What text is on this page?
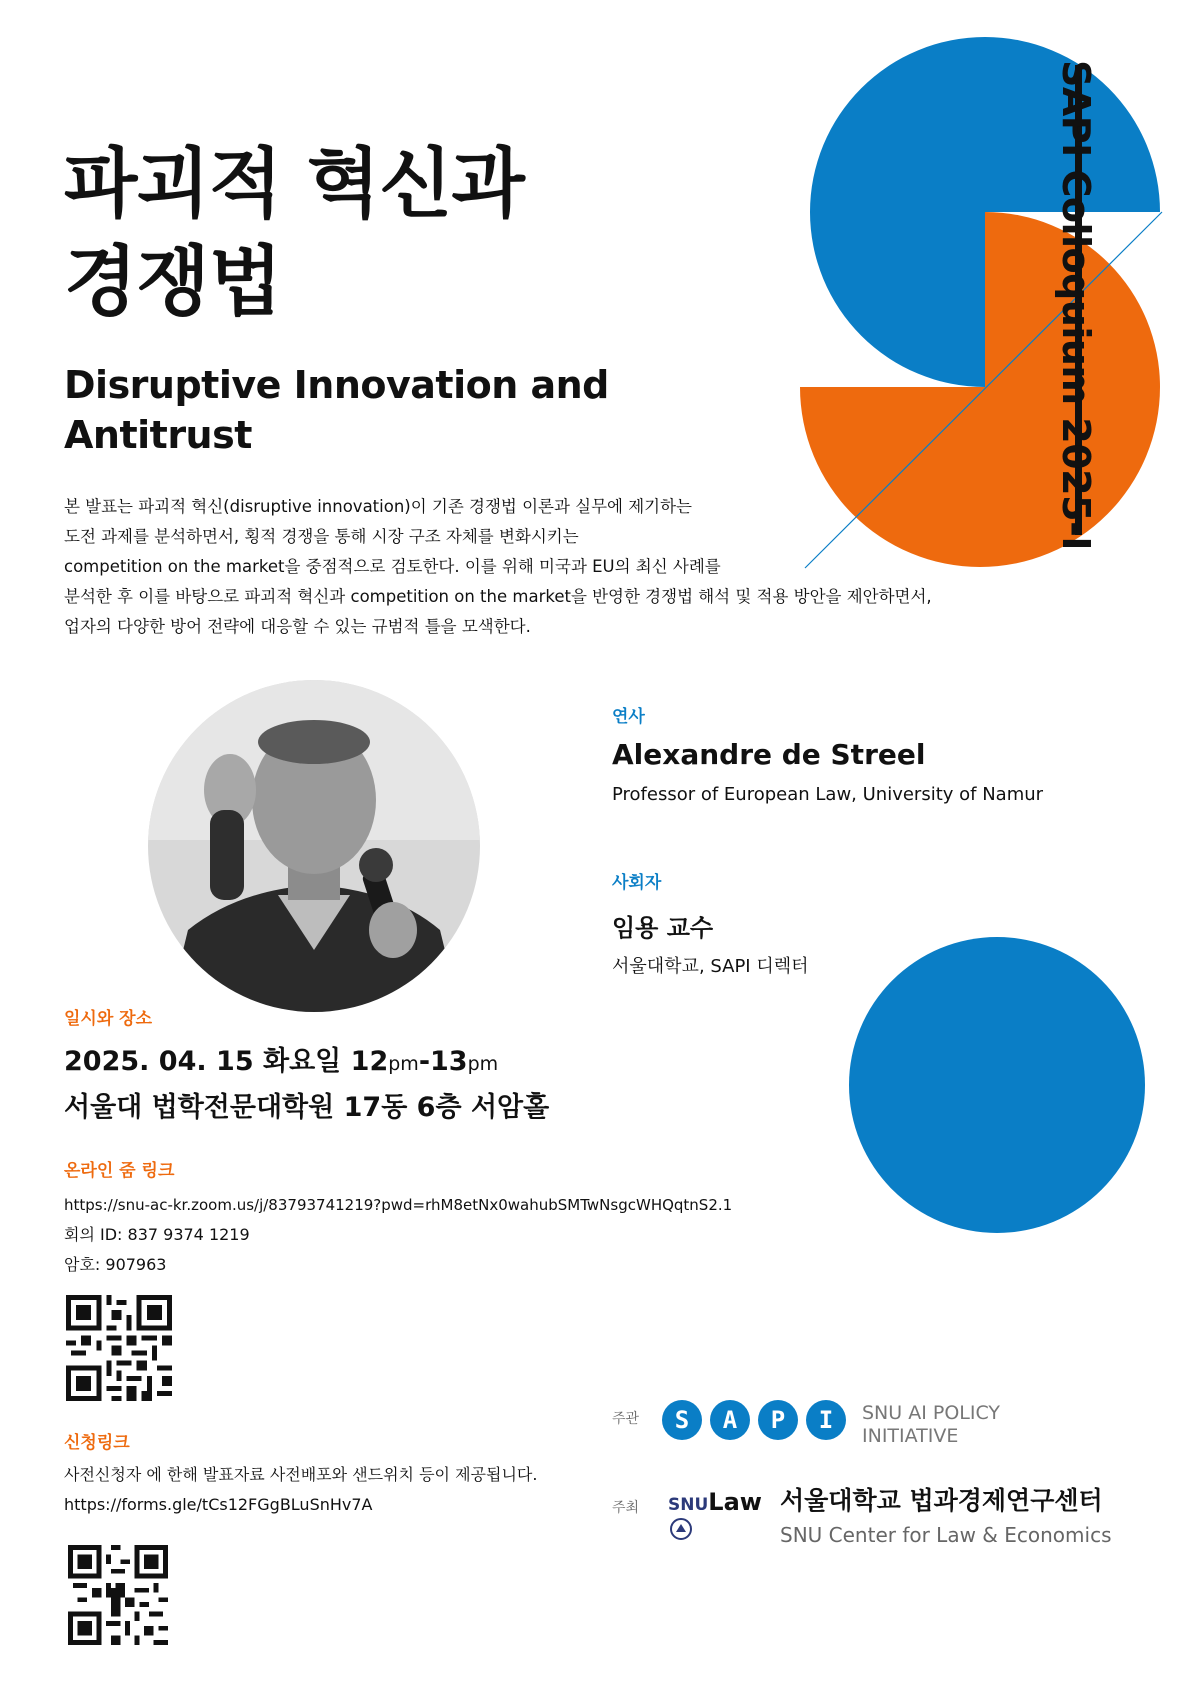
SAPI Colloquium 2025-I
파괴적 혁신과
경쟁법
Disruptive Innovation and
Antitrust

본 발표는 파괴적 혁신(disruptive innovation)이 기존 경쟁법 이론과 실무에 제기하는

도전 과제를 분석하면서, 횡적 경쟁을 통해 시장 구조 자체를 변화시키는

competition on the market을 중점적으로 검토한다. 이를 위해 미국과 EU의 최신 사례를

분석한 후 이를 바탕으로 파괴적 혁신과 competition on the market을 반영한 경쟁법 해석 및 적용 방안을 제안하면서,

업자의 다양한 방어 전략에 대응할 수 있는 규범적 틀을 모색한다.

연사
Alexandre de Streel
Professor of European Law, University of Namur
사회자
임용 교수
서울대학교, SAPI 디렉터
일시와 장소
2025. 04. 15 화요일 12pm-13pm
서울대 법학전문대학원 17동 6층 서암홀
온라인 줌 링크
https://snu-ac-kr.zoom.us/j/83793741219?pwd=rhM8etNx0wahubSMTwNsgcWHQqtnS2.1
회의 ID: 837 9374 1219
암호: 907963
신청링크
사전신청자 에 한해 발표자료 사전배포와 샌드위치 등이 제공됩니다.
https://forms.gle/tCs12FGgBLuSnHv7A
주관	S	A	P	I	SNU AI POLICY
INITIATIVE
주최 SNULaw 서울대학교 법과경제연구센터
SNU Center for Law & Economics
